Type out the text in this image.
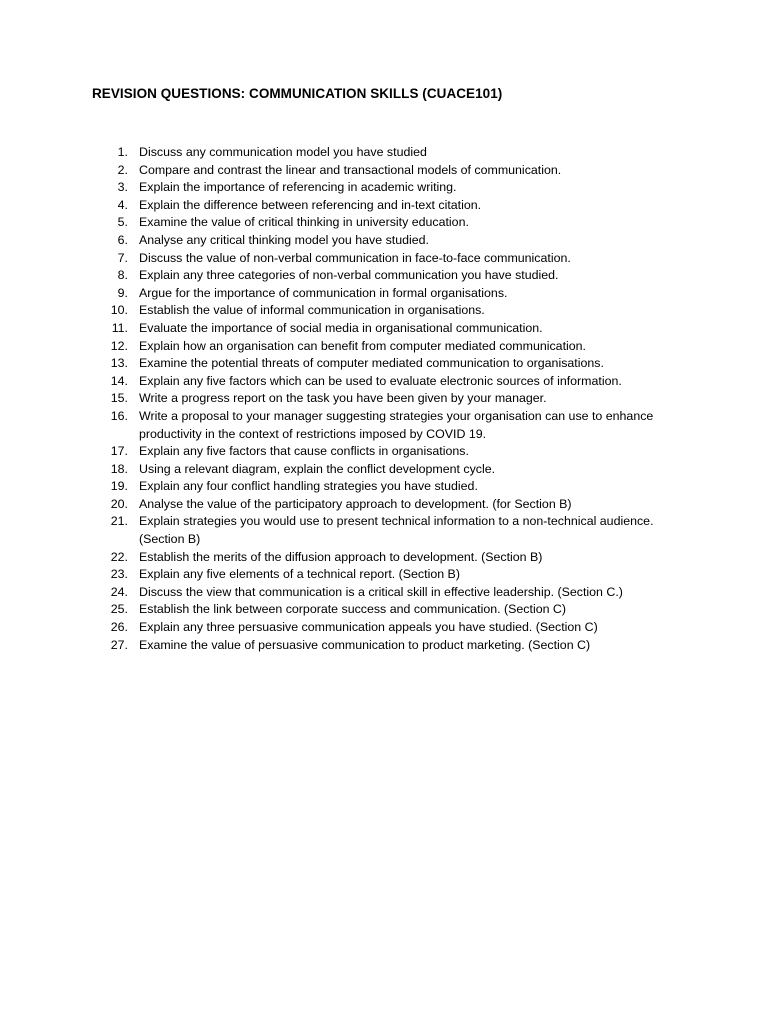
REVISION QUESTIONS: COMMUNICATION SKILLS (CUACE101)
1. Discuss any communication model you have studied
2. Compare and contrast the linear and transactional models of communication.
3. Explain the importance of referencing in academic writing.
4. Explain the difference between referencing and in-text citation.
5. Examine the value of critical thinking in university education.
6. Analyse any critical thinking model you have studied.
7. Discuss the value of non-verbal communication in face-to-face communication.
8. Explain any three categories of non-verbal communication you have studied.
9. Argue for the importance of communication in formal organisations.
10. Establish the value of informal communication in organisations.
11. Evaluate the importance of social media in organisational communication.
12. Explain how an organisation can benefit from computer mediated communication.
13. Examine the potential threats of computer mediated communication to organisations.
14. Explain any five factors which can be used to evaluate electronic sources of information.
15. Write a progress report on the task you have been given by your manager.
16. Write a proposal to your manager suggesting strategies your organisation can use to enhance productivity in the context of restrictions imposed by COVID 19.
17. Explain any five factors that cause conflicts in organisations.
18. Using a relevant diagram, explain the conflict development cycle.
19. Explain any four conflict handling strategies you have studied.
20. Analyse the value of the participatory approach to development. (for Section B)
21. Explain strategies you would use to present technical information to a non-technical audience. (Section B)
22. Establish the merits of the diffusion approach to development. (Section B)
23. Explain any five elements of a technical report. (Section B)
24. Discuss the view that communication is a critical skill in effective leadership. (Section C.)
25. Establish the link between corporate success and communication. (Section C)
26. Explain any three persuasive communication appeals you have studied. (Section C)
27. Examine the value of persuasive communication to product marketing. (Section C)
